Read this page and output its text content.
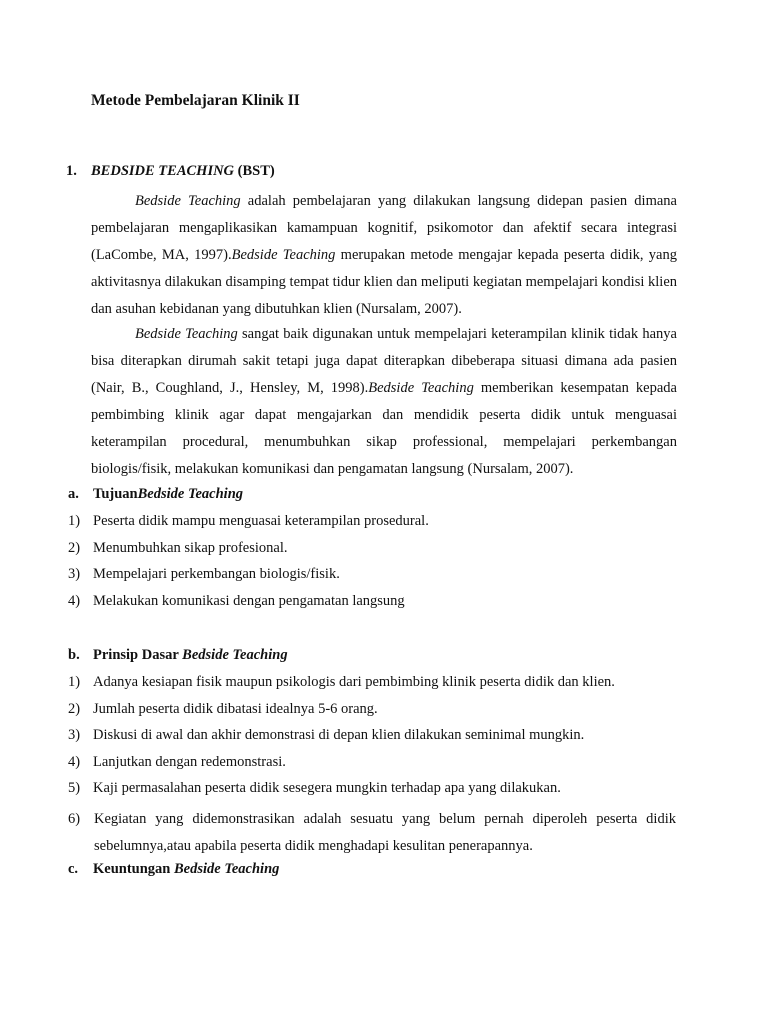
Metode Pembelajaran Klinik II
1. BEDSIDE TEACHING (BST)

Bedside Teaching adalah pembelajaran yang dilakukan langsung didepan pasien dimana pembelajaran mengaplikasikan kamampuan kognitif, psikomotor dan afektif secara integrasi (LaCombe, MA, 1997).Bedside Teaching merupakan metode mengajar kepada peserta didik, yang aktivitasnya dilakukan disamping tempat tidur klien dan meliputi kegiatan mempelajari kondisi klien dan asuhan kebidanan yang dibutuhkan klien (Nursalam, 2007).

Bedside Teaching sangat baik digunakan untuk mempelajari keterampilan klinik tidak hanya bisa diterapkan dirumah sakit tetapi juga dapat diterapkan dibeberapa situasi dimana ada pasien (Nair, B., Coughland, J., Hensley, M, 1998).Bedside Teaching memberikan kesempatan kepada pembimbing klinik agar dapat mengajarkan dan mendidik peserta didik untuk menguasai keterampilan procedural, menumbuhkan sikap professional, mempelajari perkembangan biologis/fisik, melakukan komunikasi dan pengamatan langsung (Nursalam, 2007).

a. TujuanBedside Teaching
1) Peserta didik mampu menguasai keterampilan prosedural.
2) Menumbuhkan sikap profesional.
3) Mempelajari perkembangan biologis/fisik.
4) Melakukan komunikasi dengan pengamatan langsung
b. Prinsip Dasar Bedside Teaching
1) Adanya kesiapan fisik maupun psikologis dari pembimbing klinik peserta didik dan klien.
2) Jumlah peserta didik dibatasi idealnya 5-6 orang.
3) Diskusi di awal dan akhir demonstrasi di depan klien dilakukan seminimal mungkin.
4) Lanjutkan dengan redemonstrasi.
5) Kaji permasalahan peserta didik sesegera mungkin terhadap apa yang dilakukan.

6) Kegiatan yang didemonstrasikan adalah sesuatu yang belum pernah diperoleh peserta didik
sebelumnya,atau apabila peserta didik menghadapi kesulitan penerapannya.

c. Keuntungan Bedside Teaching
